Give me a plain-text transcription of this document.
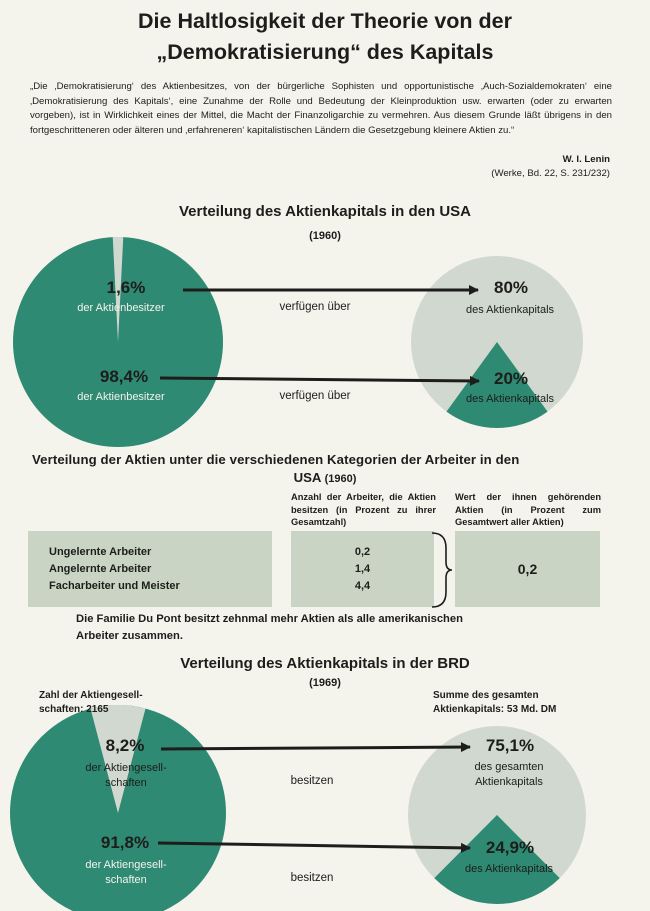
Die Haltlosigkeit der Theorie von der
„Demokratisierung“ des Kapitals
„Die ‚Demokratisierung‘ des Aktienbesitzes, von der bürgerliche Sophisten und opportunistische ‚Auch-Sozialdemokraten‘ eine ‚Demokratisierung des Kapitals‘, eine Zunahme der Rolle und Bedeutung der Kleinproduktion usw. erwarten (oder zu erwarten vorgeben), ist in Wirklichkeit eines der Mittel, die Macht der Finanzoligarchie zu vermehren. Aus diesem Grunde läßt übrigens in den fortgeschritteneren oder älteren und ‚erfahreneren‘ kapitalistischen Ländern die Gesetzgebung kleinere Aktien zu.“
W. I. Lenin
(Werke, Bd. 22, S. 231/232)
Verteilung des Aktienkapitals in den USA
(1960)
1,6%
der Aktienbesitzer
98,4%
der Aktienbesitzer
verfügen über
verfügen über
80%
des Aktienkapitals
20%
des Aktienkapitals
Verteilung der Aktien unter die verschiedenen Kategorien der Arbeiter in den
USA (1960)
Anzahl der Arbeiter, die Aktien besitzen (in Prozent zu ihrer Gesamtzahl)
Wert der ihnen gehörenden Aktien (in Prozent zum Gesamtwert aller Aktien)
Ungelernte Arbeiter
Angelernte Arbeiter
Facharbeiter und Meister
0,2
1,4
4,4
0,2
Die Familie Du Pont besitzt zehnmal mehr Aktien als alle amerikanischen
Arbeiter zusammen.
Verteilung des Aktienkapitals in der BRD
(1969)
Zahl der Aktiengesell-
schaften: 2165
Summe des gesamten
Aktienkapitals: 53 Md. DM
8,2%
der Aktiengesell-
schaften
91,8%
der Aktiengesell-
schaften
besitzen
besitzen
75,1%
des gesamten
Aktienkapitals
24,9%
des Aktienkapitals
